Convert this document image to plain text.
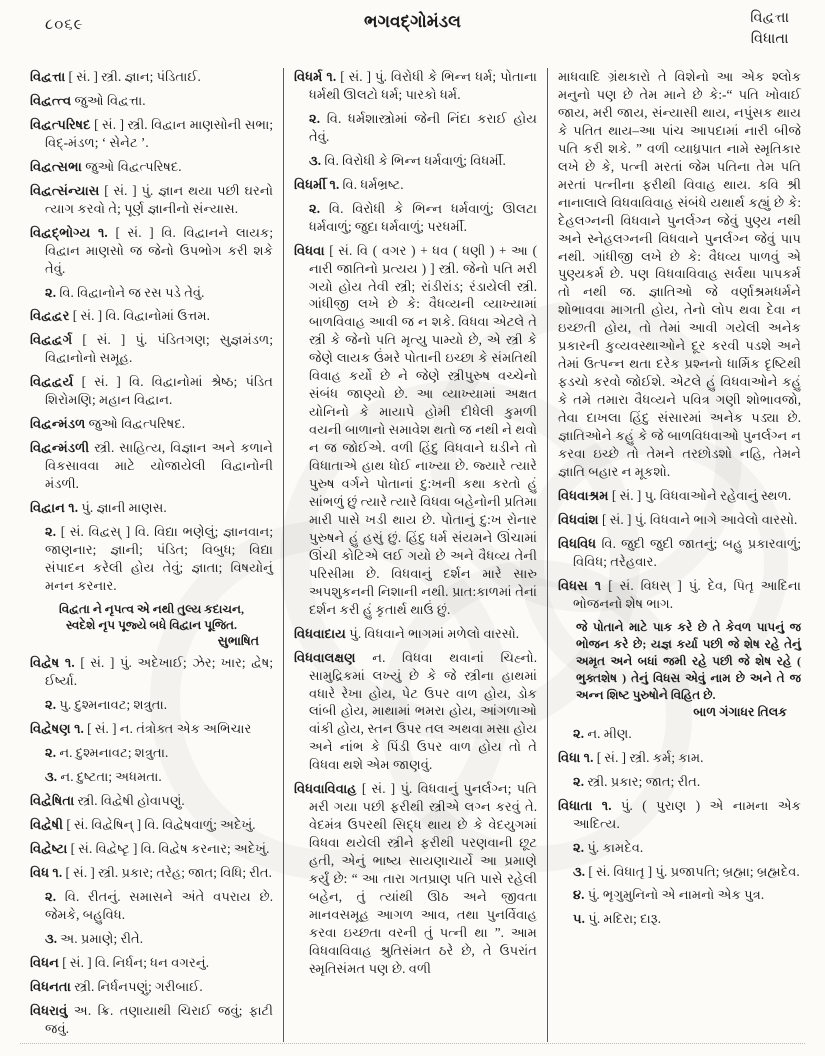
૮૦૬૯	ભગવદ્ગોમંડલ	વિદ્વત્તા
વિધાતા

વિદ્વત્તા [ સં. ] સ્ત્રી. જ્ઞાન; પંડિતાઈ.

વિદ્વત્ત્વ જુઓ વિદ્વત્તા.

વિદ્વત્પરિષદ [ સં. ] સ્ત્રી. વિદ્વાન માણસોની સભા; વિદ્-મંડળ; ‘ સેનેટ ’.

વિદ્વત્સભા જુઓ વિદ્વત્પરિષદ.

વિદ્વત્સંન્યાસ [ સં. ] પું. જ્ઞાન થયા પછી ઘરનો ત્યાગ કરવો તે; પૂર્ણ જ્ઞાનીનો સંન્યાસ.

વિદ્વદ્ભોગ્ય ૧. [ સં. ] વિ. વિદ્વાનને લાયક; વિદ્વાન માણસો જ જેનો ઉપભોગ કરી શકે તેવું.

૨. વિ. વિદ્વાનોને જ રસ પડે તેવું.

વિદ્વદ્વર [ સં. ] વિ. વિદ્વાનોમાં ઉત્તમ.

વિદ્વદ્વર્ગ [ સં. ] પું. પંડિતગણ; સુજ્ઞમંડળ; વિદ્વાનોનો સમૂહ.

વિદ્વદ્વર્ય [ સં. ] વિ. વિદ્વાનોમાં શ્રેષ્ઠ; પંડિત શિરોમણિ; મહાન વિદ્વાન.

વિદ્વન્મંડળ જુઓ વિદ્વત્પરિષદ.

વિદ્વન્મંડળી સ્ત્રી. સાહિત્ય, વિજ્ઞાન અને કળાને વિકસાવવા માટે યોજાયેલી વિદ્વાનોની મંડળી.

વિદ્વાન ૧. પું. જ્ઞાની માણસ.

૨. [ સં. વિદ્વસ્ ] વિ. વિદ્યા ભણેલું; જ્ઞાનવાન; જાણનાર; જ્ઞાની; પંડિત; વિબુધ; વિદ્યા સંપાદન કરેલી હોય તેવું; જ્ઞાતા; વિષયોનું મનન કરનાર.

વિદ્વતા ને નૃપત્વ એ નથી તુલ્ય કદાચન,

સ્વદેશે નૃપ પૂજ્યે બધે વિદ્વાન પૂજિત.

સુભાષિત

વિદ્વેષ ૧. [ સં. ] પું. અદેખાઈ; ઝેર; ખાર; દ્વેષ; ઈર્ષ્યા.

૨. પુ. દુશ્મનાવટ; શત્રુતા.

વિદ્વેષણ ૧. [ સં. ] ન. તંત્રોક્ત એક અભિચાર

૨. ન. દુશ્મનાવટ; શત્રુતા.

૩. ન. દુષ્ટતા; અધમતા.

વિદ્વેષિતા સ્ત્રી. વિદ્વેષી હોવાપણું.

વિદ્વેષી [ સં. વિદ્વેષિન્ ] વિ. વિદ્વેષવાળું; અદેખું.

વિદ્વેષ્ટા [ સં. વિદ્વેષ્ટૃ ] વિ. વિદ્વેષ કરનાર; અદેખું.

વિધ ૧. [ સં. ] સ્ત્રી. પ્રકાર; તરેહ; જાત; વિધિ; રીત.

૨. વિ. રીતનું. સમાસને અંતે વપરાય છે. જેમકે, બહુવિધ.

૩. અ. પ્રમાણે; રીતે.

વિધન [ સં. ] વિ. નિર્ધન; ધન વગરનું.

વિધનતા સ્ત્રી. નિર્ધનપણું; ગરીબાઈ.

વિધરાવું અ. ક્રિ. તણાયાથી ચિરાઈ જવું; ફાટી જવું.

વિધર્મ ૧. [ સં. ] પું. વિરોધી કે ભિન્ન ધર્મ; પોતાના ધર્મથી ઊલટો ધર્મ; પારકો ધર્મ.

૨. વિ. ધર્મશાસ્ત્રોમાં જેની નિંદા કરાઈ હોય તેવું.

૩. વિ. વિરોધી કે ભિન્ન ધર્મવાળું; વિધર્મી.

વિધર્મી ૧. વિ. ધર્મભ્રષ્ટ.

૨. વિ. વિરોધી કે ભિન્ન ધર્મવાળું; ઊલટા ધર્મવાળું; જુદા ધર્મવાળું; પરધર્મી.

વિધવા [ સં. વિ ( વગર ) + ધવ ( ધણી ) + આ ( નારી જાતિનો પ્રત્યય ) ] સ્ત્રી. જેનો પતિ મરી ગયો હોય તેવી સ્ત્રી; રાંડીરાંડ; રંડાયેલી સ્ત્રી. ગાંધીજી લખે છે કે: વૈધવ્યની વ્યાખ્યામાં બાળવિવાહ આવી જ ન શકે. વિધવા એટલે તે સ્ત્રી કે જેનો પતિ મૃત્યુ પામ્યો છે, એ સ્ત્રી કે જેણે લાયક ઉંમરે પોતાની ઇચ્છા કે સંમતિથી વિવાહ કર્યો છે ને જેણે સ્ત્રીપુરુષ વચ્ચેનો સંબંધ જાણ્યો છે. આ વ્યાખ્યામાં અક્ષત યોનિનો કે માયાપે હોમી દીધેલી કુમળી વયની બાળાનો સમાવેશ થતો જ નથી ને થવો ન જ જોઈએ. વળી હિંદુ વિધવાને ઘડીને તો વિધાતાએ હાથ ધોઈ નાખ્યા છે. જ્યારે ત્યારે પુરુષ વર્ગને પોતાનાં દુ:ખની કથા કરતો હું સાંભળું છું ત્યારે ત્યારે વિધવા બહેનોની પ્રતિમા મારી પાસે ખડી થાય છે. પોતાનું દુ:ખ રોનાર પુરુષને હું હસું છું. હિંદુ ધર્મ સંયમને ઊંચામાં ઊંચી કોટિએ લઈ ગયો છે અને વૈધવ્ય તેની પરિસીમા છે. વિધવાનું દર્શન મારે સારુ અપશુકનની નિશાની નથી. પ્રાત:કાળમાં તેનાં દર્શન કરી હું કૃતાર્થ થાઉં છું.

વિધવાદાય પું. વિધવાને ભાગમાં મળેલો વારસો.

વિધવાલક્ષણ ન. વિધવા થવાનાં ચિહ્નો. સામુદ્રિકમાં લખ્યું છે કે જે સ્ત્રીના હાથમાં વધારે રેખા હોય, પેટ ઉપર વાળ હોય, ડોક લાંબી હોય, માથામાં ભમરા હોય, આંગળાઓ વાંકી હોય, સ્તન ઉપર તલ અથવા મસા હોય અને નાંભ કે પિંડી ઉપર વાળ હોય તો તે વિધવા થશે એમ જાણવું.

વિધવાવિવાહ [ સં. ] પું. વિધવાનું પુનર્લગ્ન; પતિ મરી ગયા પછી ફરીથી સ્ત્રીએ લગ્ન કરવું તે. વેદમંત્ર ઉપરથી સિદ્ધ થાય છે કે વેદયુગમાં વિધવા થયેલી સ્ત્રીને ફરીથી પરણવાની છૂટ હતી, એનું ભાષ્ય સાયણાચાર્યે આ પ્રમાણે કર્યું છે: “ આ તારા ગતપ્રાણ પતિ પાસે રહેલી બહેન, તું ત્યાંથી ઊઠ અને જીવતા માનવસમૂહ આગળ આવ, તથા પુનર્વિવાહ કરવા ઇચ્છતા વરની તું પત્ની થા ”. આમ વિધવાવિવાહ શ્રુતિસંમત ઠરે છે, તે ઉપરાંત સ્મૃતિસંમત પણ છે. વળી

માધવાદિ ગ્રંથકારો તે વિશેનો આ એક શ્લોક મનુનો પણ છે તેમ માને છે કે:-“ પતિ ખોવાઈ જાય, મરી જાય, સંન્યાસી થાય, નપુંસક થાય કે પતિત થાય–આ પાંચ આપદામાં નારી બીજે પતિ કરી શકે. ” વળી વ્યાધ્રપાત નામે સ્મૃતિકાર લખે છે કે, પત્ની મરતાં જેમ પતિના તેમ પતિ મરતાં પત્નીના ફરીથી વિવાહ થાય. કવિ શ્રી નાનાલાલે વિધવાવિવાહ સંબંધે યથાર્થ કહ્યું છે કે: દેહલગ્નની વિધવાને પુનર્લગ્ન જેવું પુણ્ય નથી અને સ્નેહલગ્નની વિધવાને પુનર્લગ્ન જેવું પાપ નથી. ગાંધીજી લખે છે કે: વૈધવ્ય પાળવું એ પુણ્યકર્મ છે. પણ વિધવાવિવાહ સર્વથા પાપકર્મ તો નથી જ. જ્ઞાતિઓ જે વર્ણાશ્રમધર્મને શોભાવવા માગતી હોય, તેનો લોપ થવા દેવા ન ઇચ્છતી હોય, તો તેમાં આવી ગયેલી અનેક પ્રકારની કુવ્યવસ્થાઓને દૂર કરવી પડશે અને તેમાં ઉત્પન્ન થતા દરેક પ્રશ્નનો ધાર્મિક દૃષ્ટિથી ફડચો કરવો જોઈશે. એટલે હું વિધવાઓને કહું કે તમે તમારા વૈધવ્યને પવિત્ર ગણી શોભાવજો, તેવા દાખલા હિંદુ સંસારમાં અનેક પડ્યા છે. જ્ઞાતિઓને કહું કે જે બાળવિધવાઓ પુનર્લગ્ન ન કરવા ઇચ્છે તો તેમને તરછોડશો નહિ, તેમને જ્ઞાતિ બહાર ન મૂકશો.

વિધવાશ્રમ [ સં. ] પુ. વિધવાઓને રહેવાનું સ્થળ.

વિધવાંશ [ સં. ] પું. વિધવાને ભાગે આવેલો વારસો.

વિધવિધ વિ. જુદી જુદી જાતનું; બહુ પ્રકારવાળું; વિવિધ; તરેહવાર.

વિધસ ૧ [ સં. વિધસ્ ] પું. દેવ, પિતૃ આદિના ભોજનનો શેષ ભાગ.

જે પોતાને માટે પાક કરે છે તે કેવળ પાપનું જ ભોજન કરે છે; યજ્ઞ કર્યા પછી જે શેષ રહે તેનું અમૃત અને બધાં જમી રહે પછી જે શેષ રહે ( ભુક્તશેષ ) તેનું વિધસ એવું નામ છે અને તે જ અન્ન શિષ્ટ પુરુષોને વિહિત છે.

બાળ ગંગાધર તિલક

૨. ન. મીણ.

વિધા ૧. [ સં. ] સ્ત્રી. કર્મ; કામ.

૨. સ્ત્રી. પ્રકાર; જાત; રીત.

વિધાતા ૧. પું. ( પુરાણ ) એ નામના એક આદિત્ય.

૨. પું. કામદેવ.

૩. [ સં. વિધાતૃ ] પું. પ્રજાપતિ; બ્રહ્મા; બ્રહ્મદેવ.

૪. પું. ભૃગુમુનિનો એ નામનો એક પુત્ર.

૫. પું. મદિરા; દારૂ.
